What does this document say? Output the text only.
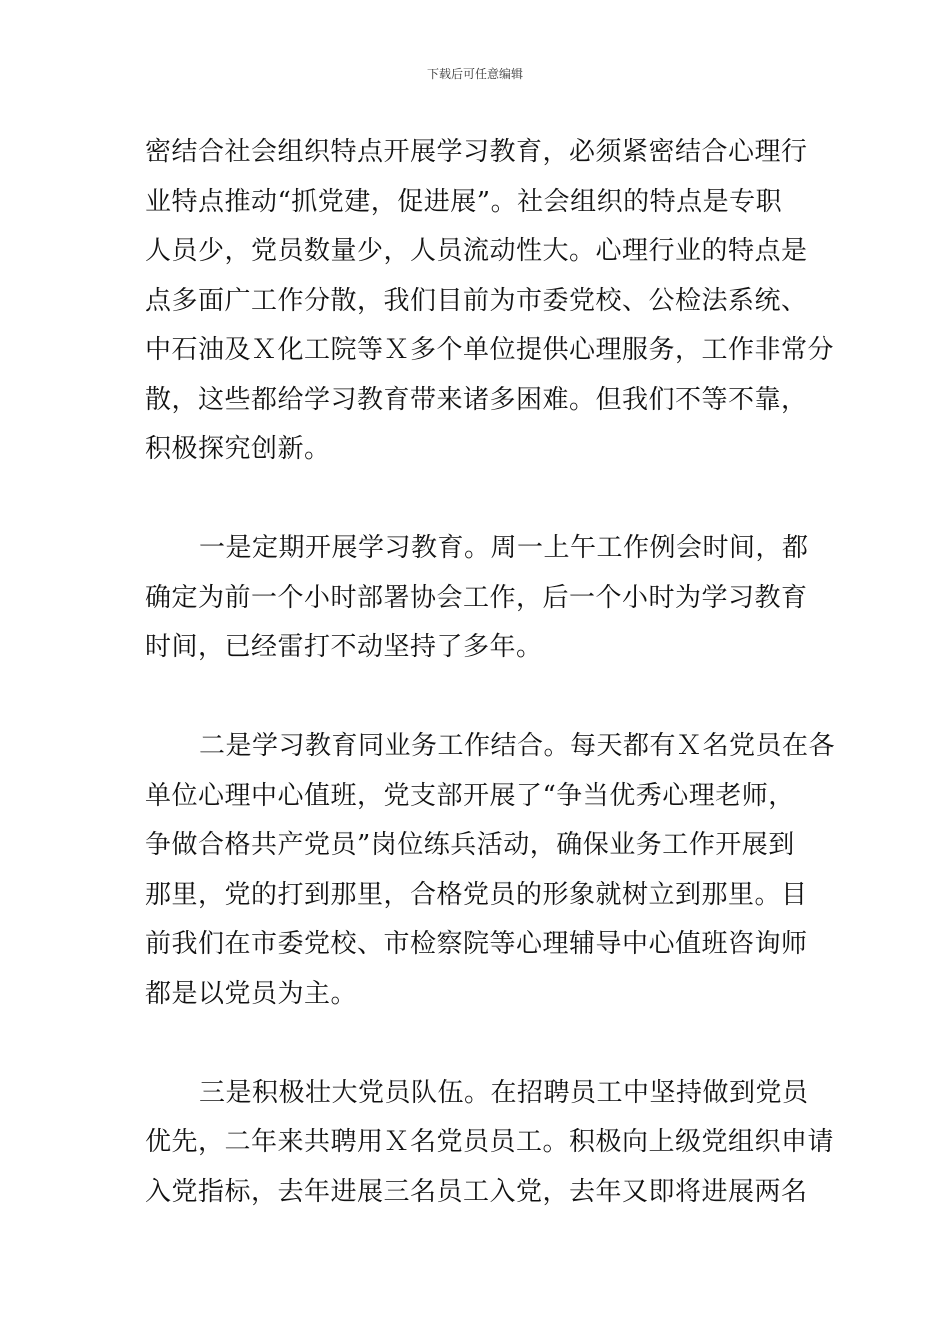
下载后可任意编辑
密结合社会组织特点开展学习教育，必须紧密结合心理行
业特点推动“抓党建，促进展”。社会组织的特点是专职
人员少，党员数量少，人员流动性大。心理行业的特点是
点多面广工作分散，我们目前为市委党校、公检法系统、
中石油及Ｘ化工院等Ｘ多个单位提供心理服务，工作非常分
散，这些都给学习教育带来诸多困难。但我们不等不靠，
积极探究创新。
一是定期开展学习教育。周一上午工作例会时间，都
确定为前一个小时部署协会工作，后一个小时为学习教育
时间，已经雷打不动坚持了多年。
二是学习教育同业务工作结合。每天都有Ｘ名党员在各
单位心理中心值班，党支部开展了“争当优秀心理老师，
争做合格共产党员”岗位练兵活动，确保业务工作开展到
那里，党的打到那里，合格党员的形象就树立到那里。目
前我们在市委党校、市检察院等心理辅导中心值班咨询师
都是以党员为主。
三是积极壮大党员队伍。在招聘员工中坚持做到党员
优先，二年来共聘用Ｘ名党员员工。积极向上级党组织申请
入党指标，去年进展三名员工入党，去年又即将进展两名
